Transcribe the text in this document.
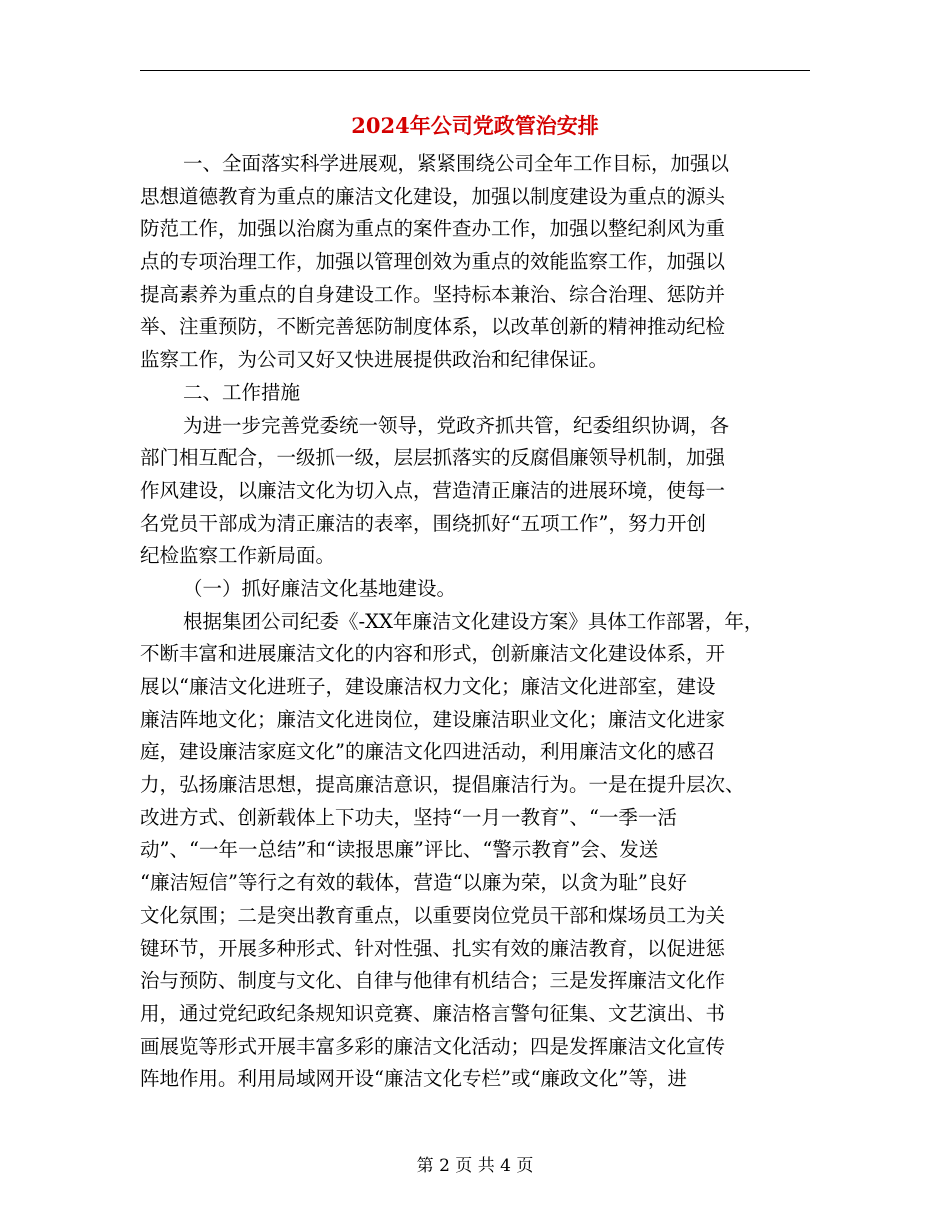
2024年公司党政管治安排
一、全面落实科学进展观，紧紧围绕公司全年工作目标，加强以
思想道德教育为重点的廉洁文化建设，加强以制度建设为重点的源头
防范工作，加强以治腐为重点的案件查办工作，加强以整纪刹风为重
点的专项治理工作，加强以管理创效为重点的效能监察工作，加强以
提高素养为重点的自身建设工作。坚持标本兼治、综合治理、惩防并
举、注重预防，不断完善惩防制度体系，以改革创新的精神推动纪检
监察工作，为公司又好又快进展提供政治和纪律保证。
二、工作措施
为进一步完善党委统一领导，党政齐抓共管，纪委组织协调，各
部门相互配合，一级抓一级，层层抓落实的反腐倡廉领导机制，加强
作风建设，以廉洁文化为切入点，营造清正廉洁的进展环境，使每一
名党员干部成为清正廉洁的表率，围绕抓好“五项工作”，努力开创
纪检监察工作新局面。
（一）抓好廉洁文化基地建设。
根据集团公司纪委《-XX年廉洁文化建设方案》具体工作部署，年，
不断丰富和进展廉洁文化的内容和形式，创新廉洁文化建设体系，开
展以“廉洁文化进班子，建设廉洁权力文化；廉洁文化进部室，建设
廉洁阵地文化；廉洁文化进岗位，建设廉洁职业文化；廉洁文化进家
庭，建设廉洁家庭文化”的廉洁文化四进活动，利用廉洁文化的感召
力，弘扬廉洁思想，提高廉洁意识，提倡廉洁行为。一是在提升层次、
改进方式、创新载体上下功夫，坚持“一月一教育”、“一季一活
动”、“一年一总结”和“读报思廉”评比、“警示教育”会、发送
“廉洁短信”等行之有效的载体，营造“以廉为荣，以贪为耻”良好
文化氛围；二是突出教育重点，以重要岗位党员干部和煤场员工为关
键环节，开展多种形式、针对性强、扎实有效的廉洁教育，以促进惩
治与预防、制度与文化、自律与他律有机结合；三是发挥廉洁文化作
用，通过党纪政纪条规知识竞赛、廉洁格言警句征集、文艺演出、书
画展览等形式开展丰富多彩的廉洁文化活动；四是发挥廉洁文化宣传
阵地作用。利用局域网开设“廉洁文化专栏”或“廉政文化”等，进
第 2 页 共 4 页
